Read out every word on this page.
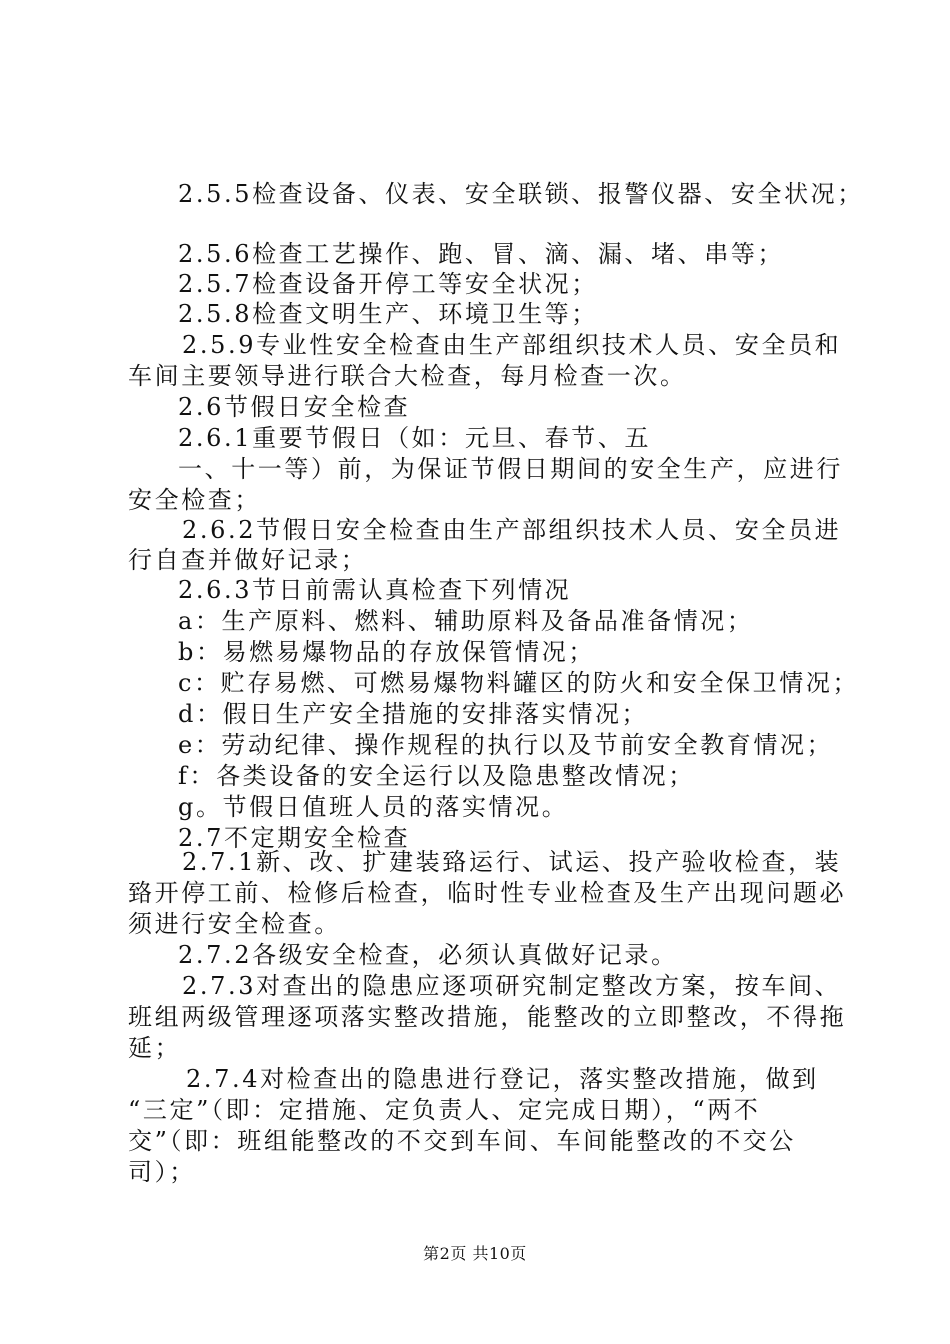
2.5.5检查设备、仪表、安全联锁、报警仪器、安全状况；
2.5.6检查工艺操作、跑、冒、滴、漏、堵、串等；
2.5.7检查设备开停工等安全状况；
2.5.8检查文明生产、环境卫生等；
2.5.9专业性安全检查由生产部组织技术人员、安全员和
车间主要领导进行联合大检查，每月检查一次。
2.6节假日安全检查
2.6.1重要节假日（如：元旦、春节、五
一、十一等）前，为保证节假日期间的安全生产，应进行
安全检查；
2.6.2节假日安全检查由生产部组织技术人员、安全员进
行自查并做好记录；
2.6.3节日前需认真检查下列情况
a：生产原料、燃料、辅助原料及备品准备情况；
b：易燃易爆物品的存放保管情况；
c：贮存易燃、可燃易爆物料罐区的防火和安全保卫情况；
d：假日生产安全措施的安排落实情况；
e：劳动纪律、操作规程的执行以及节前安全教育情况；
f：各类设备的安全运行以及隐患整改情况；
g。节假日值班人员的落实情况。
2.7不定期安全检查
2.7.1新、改、扩建装臵运行、试运、投产验收检查，装
臵开停工前、检修后检查，临时性专业检查及生产出现问题必
须进行安全检查。
2.7.2各级安全检查，必须认真做好记录。
2.7.3对查出的隐患应逐项研究制定整改方案，按车间、
班组两级管理逐项落实整改措施，能整改的立即整改，不得拖
延；
2.7.4对检查出的隐患进行登记，落实整改措施，做到
“三定”（即：定措施、定负责人、定完成日期），“两不
交”（即：班组能整改的不交到车间、车间能整改的不交公
司）；
第2页 共10页
